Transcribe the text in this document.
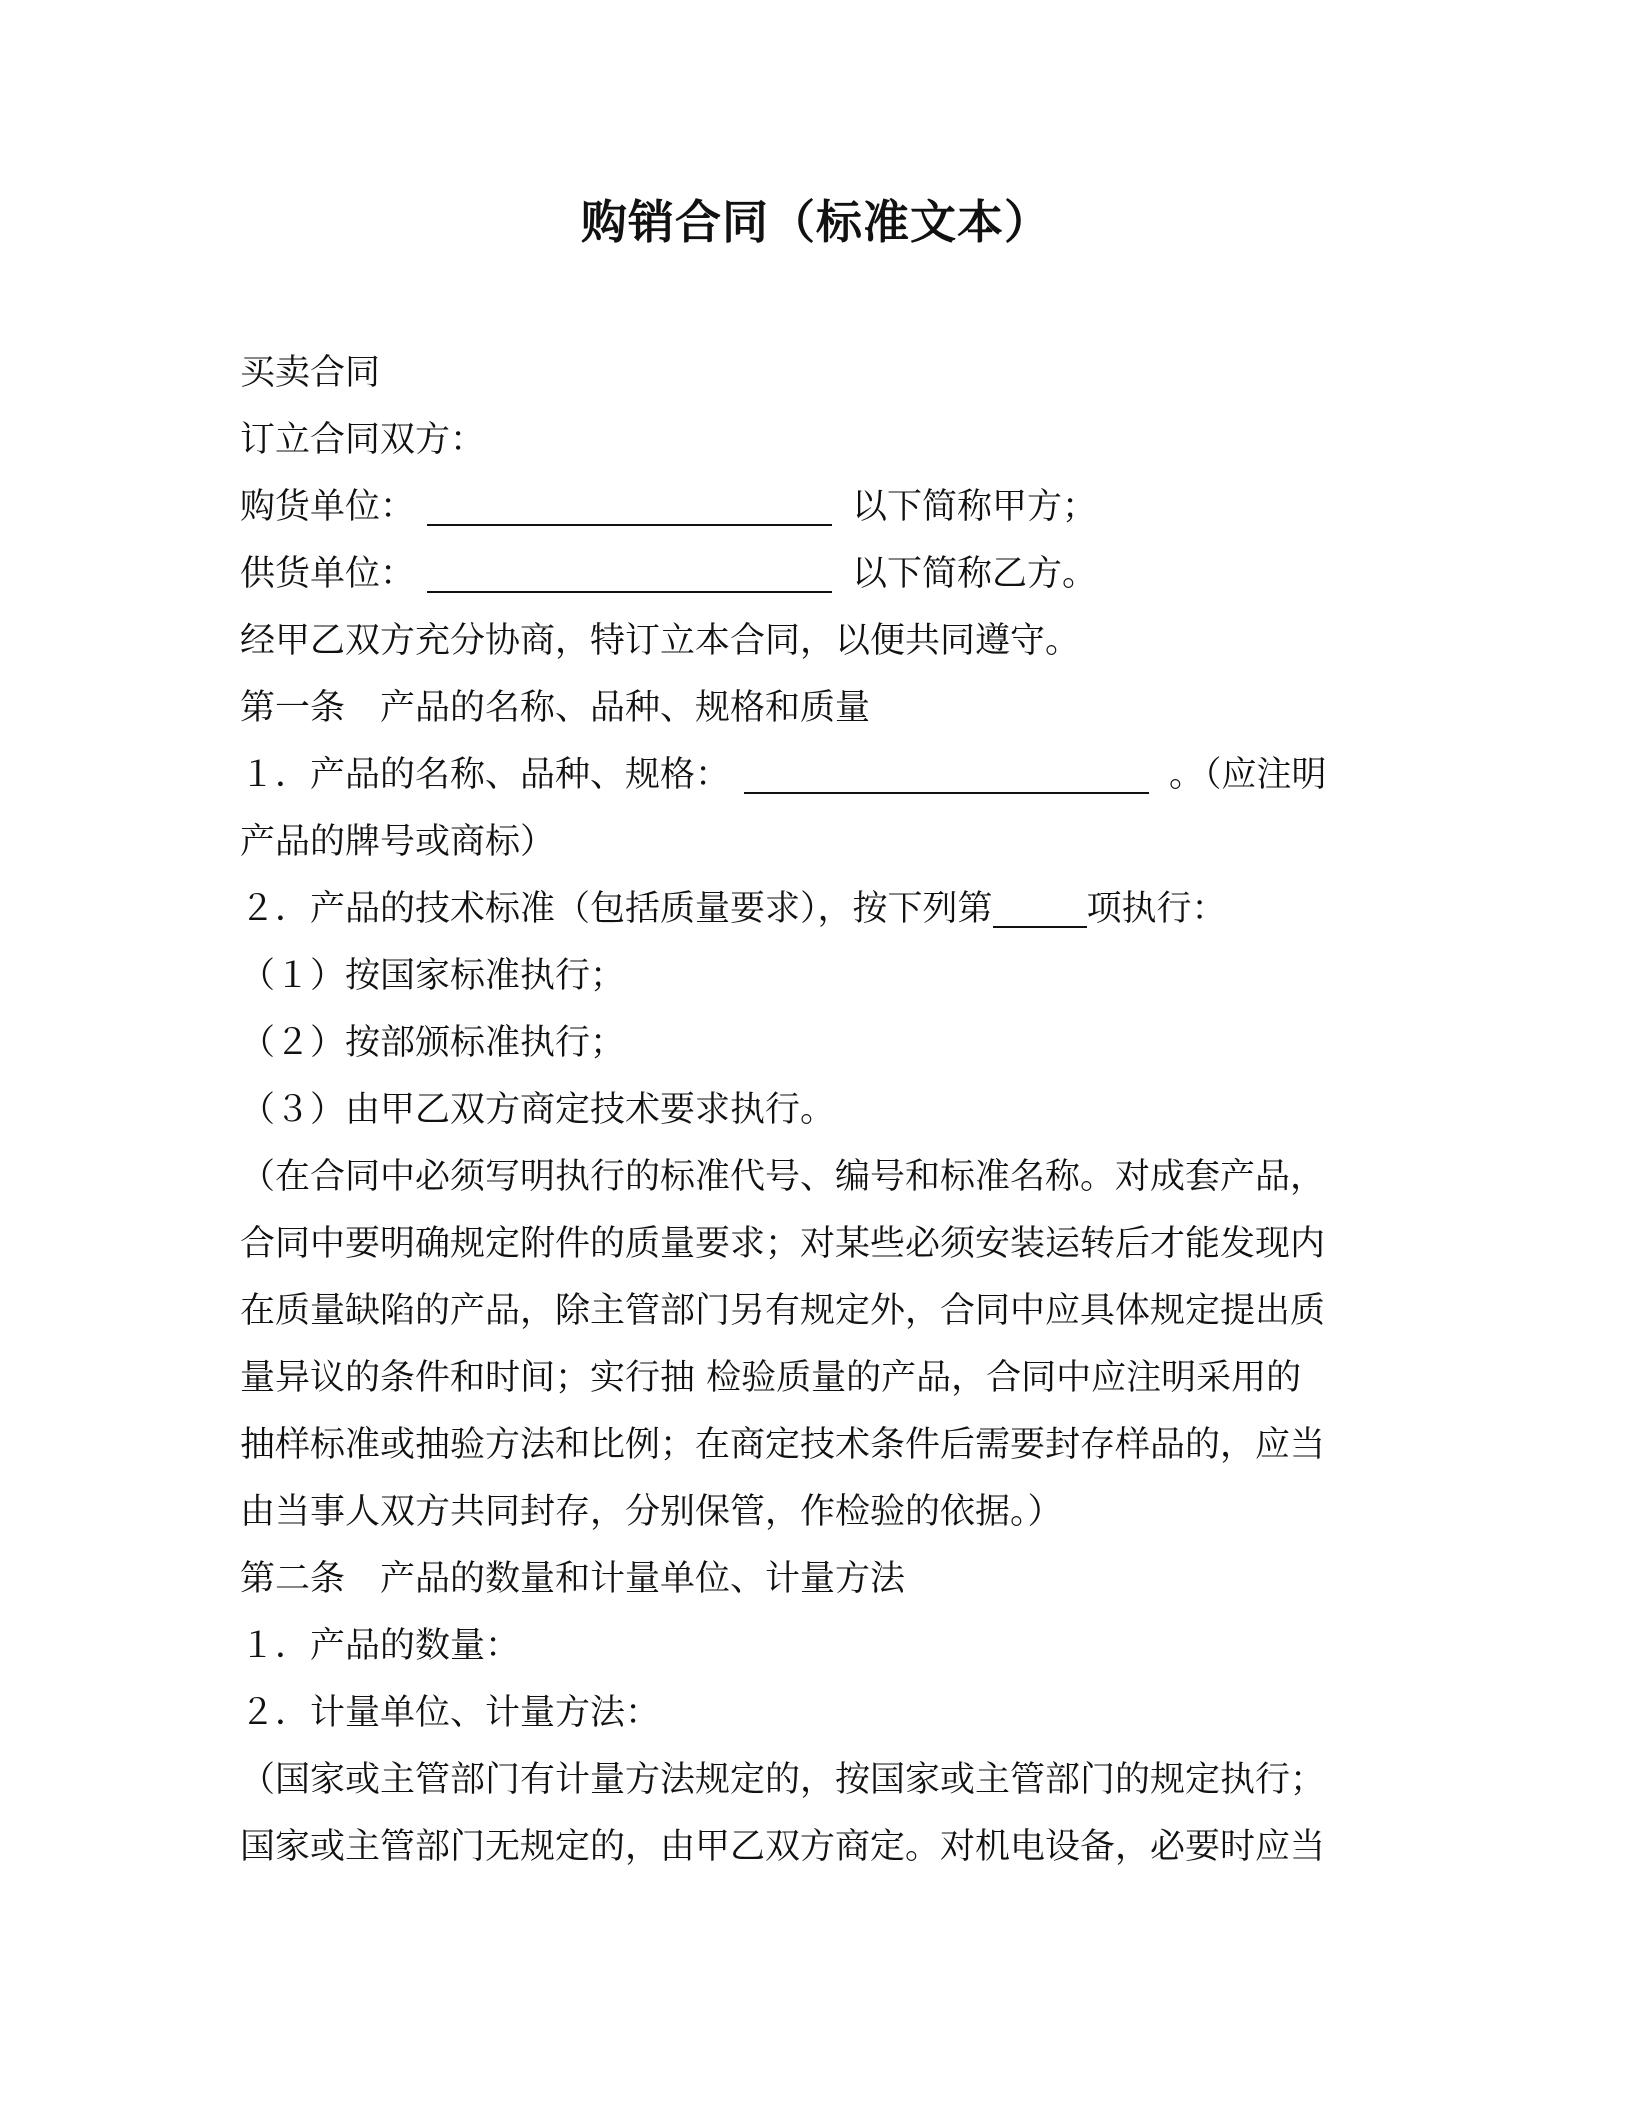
购销合同（标准文本）
买卖合同
订立合同双方：
购货单位：	以下简称甲方；
供货单位：	以下简称乙方。
经甲乙双方充分协商，特订立本合同，以便共同遵守。
第一条　产品的名称、品种、规格和质量
１．产品的名称、品种、规格：	。（应注明
产品的牌号或商标）
２．产品的技术标准（包括质量要求），按下列第	项执行：
（１）按国家标准执行；
（２）按部颁标准执行；
（３）由甲乙双方商定技术要求执行。
（在合同中必须写明执行的标准代号、编号和标准名称。对成套产品，
合同中要明确规定附件的质量要求；对某些必须安装运转后才能发现内
在质量缺陷的产品，除主管部门另有规定外，合同中应具体规定提出质
量异议的条件和时间；实行抽 检验质量的产品，合同中应注明采用的
抽样标准或抽验方法和比例；在商定技术条件后需要封存样品的，应当
由当事人双方共同封存，分别保管，作检验的依据。）
第二条　产品的数量和计量单位、计量方法
１．产品的数量：
２．计量单位、计量方法：
（国家或主管部门有计量方法规定的，按国家或主管部门的规定执行；
国家或主管部门无规定的，由甲乙双方商定。对机电设备，必要时应当
